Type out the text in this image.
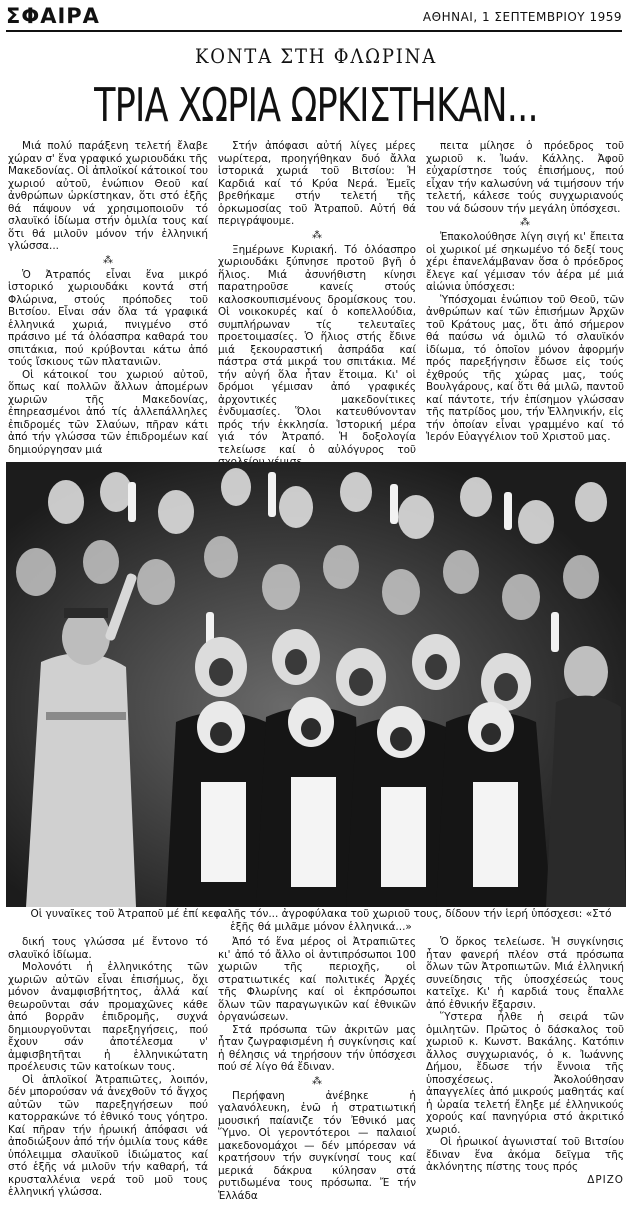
ΣΦΑΙΡΑ	ΑΘΗΝΑΙ, 1 ΣΕΠΤΕΜΒΡΙΟΥ 1959
ΚΟΝΤΑ ΣΤΗ ΦΛΩΡΙΝΑ
ΤΡΙΑ ΧΩΡΙΑ ΩΡΚΙΣΤΗΚΑΝ...

Μιά πολύ παράξενη τελετή ἔλαβε χώραν σ' ἕνα γραφικό χωριουδάκι τῆς Μακεδονίας. Οἱ ἀπλοϊκοί κάτοικοί του χωριού αὐτοῦ, ἐνώπιον Θεοῦ καί ἀνθρώπων ὡρκίστηκαν, ὅτι στό ἑξῆς θά πάψουν νά χρησιμοποιοῦν τό σλαυϊκό ἰδίωμα στήν ὁμιλία τους καί ὅτι θά μιλοῦν μόνον τήν ἑλληνική γλώσσα...

⁂

Ὁ Ἀτραπός εἶναι ἕνα μικρό ἱστορικό χωριουδάκι κοντά στή Φλώρινα, στούς πρόποδες τοῦ Βιτσίου. Εἶναι σάν ὅλα τά γραφικά ἑλληνικά χωριά, πνιγμένο στό πράσινο μέ τά ὁλόασπρα καθαρά του σπιτάκια, πού κρύβονται κάτω ἀπό τούς ἴσκιους τῶν πλατανιῶν.

Οἱ κάτοικοί του χωριού αὐτοῦ, ὅπως καί πολλῶν ἄλλων ἀπομέρων χωριῶν τῆς Μακεδονίας, ἐπηρεασμένοι ἀπό τίς ἀλλεπάλληλες ἐπιδρομές τῶν Σλαύων, πῆραν κάτι ἀπό τήν γλώσσα τῶν ἐπιδρομέων καί δημιούργησαν μιά

Στήν ἀπόφασι αὐτή λίγες μέρες νωρίτερα, προηγήθηκαν δυό ἄλλα ἱστορικά χωριά τοῦ Βιτσίου: Ἡ Καρδιά καί τό Κρύα Νερά. Ἐμεῖς βρεθήκαμε στήν τελετή τῆς ὁρκωμοσίας τοῦ Ἀτραποῦ. Αὐτή θά περιγράψουμε.

⁂

Ξημέρωνε Κυριακή. Τό ὁλόασπρο χωριουδάκι ξύπνησε προτοῦ βγῆ ὁ ἥλιος. Μιά ἀσυνήθιστη κίνησι παρατηροῦσε κανείς στούς καλοσκουπισμένους δρομίσκους του. Οἱ νοικοκυρές καί ὁ κοπελλούδια, συμπλήρωναν τίς τελευταῖες προετοιμασίες. Ὁ ἥλιος στής ἔδινε μιά ξεκουραστική ἀσπράδα καί πάστρα στά μικρά του σπιτάκια. Μέ τήν αὐγή ὅλα ἦταν ἕτοιμα. Κι' οἱ δρόμοι γέμισαν ἀπό γραφικές ἀρχοντικές μακεδονίτικες ἐνδυμασίες. Ὅλοι κατευθύνονταν πρός τήν ἐκκλησία. Ἱστορική μέρα γιά τόν Ἀτραπό. Ἡ δοξολογία τελείωσε καί ὁ αὐλόγυρος τοῦ

πειτα μίλησε ὁ πρόεδρος τοῦ χωριοῦ κ. Ἰωάν. Κάλλης. Ἀφοῦ εὐχαρίστησε τούς ἐπισήμους, πού εἶχαν τήν καλωσύνη νά τιμήσουν τήν τελετή, κάλεσε τούς συγχωριανούς του νά δώσουν τήν μεγάλη ὑπόσχεσι.

⁂

Ἐπακολούθησε λίγη σιγή κι' ἔπειτα οἱ χωρικοί μέ σηκωμένο τό δεξί τους χέρι ἐπανελάμβαναν ὅσα ὁ πρόεδρος ἔλεγε καί γέμισαν τόν ἀέρα μέ μιά αἰώνια ὑπόσχεσι:

Ὑπόσχομαι ἐνώπιον τοῦ Θεοῦ, τῶν ἀνθρώπων καί τῶν ἐπισήμων Ἀρχῶν τοῦ Κράτους μας, ὅτι ἀπό σήμερον θά παύσω νά ὁμιλῶ τό σλαυϊκόν ἰδίωμα, τό ὁποῖον μόνον ἀφορμήν πρός παρεξήγησιν ἔδωσε εἰς τούς ἐχθρούς τῆς χώρας μας, τούς Βουλγάρους, καί ὅτι θά μιλῶ, παντοῦ καί πάντοτε, τήν ἐπίσημον γλώσσαν τῆς πατρίδος μου, τήν Ἑλληνικήν, εἰς τήν ὁποίαν εἶναι γραμμένο καί τό Ἱερόν Εὐαγγέλιον τοῦ Χριστοῦ μας.

Οἱ γυναῖκες τοῦ Ἀτραποῦ μέ ἐπί κεφαλῆς τόν... ἀγροφύλακα τοῦ χωριοῦ τους, δίδουν τήν ἱερή ὑπόσχεσι: «Στό ἑξῆς θά μιλᾶμε μόνον ἑλληνικά...»

δική τους γλώσσα μέ ἔντονο τό σλαυϊκό ἰδίωμα.

Μολονότι ἡ ἑλληνικότης τῶν χωριῶν αὐτῶν εἶναι ἐπισήμως, ὄχι μόνον ἀναμφισβήτητος, ἀλλά καί θεωροῦνται σάν προμαχῶνες κάθε ἀπό βορρᾶν ἐπιδρομῆς, συχνά δημιουργοῦνται παρεξηγήσεις, πού ἔχουν σάν ἀποτέλεσμα ν' ἀμφισβητῆται ἡ ἑλληνικώτατη προέλευσις τῶν κατοίκων τους.

Οἱ ἁπλοϊκοί Ἀτραπιῶτες, λοιπόν, δέν μπορούσαν νά ἀνεχθοῦν τό ἄγχος αὐτῶν τῶν παρεξηγήσεων πού κατορρακώνε τό ἐθνικό τους γόητρο. Καί πῆραν τήν ἡρωική ἀπόφασι νά ἀποδιώξουν ἀπό τήν ὁμιλία τους κάθε ὑπόλειμμα σλαυϊκοῦ ἰδιώματος καί στό ἑξῆς νά μιλοῦν τήν καθαρή, τά κρυσταλλένια νερά τοῦ μοῦ τους ἑλληνική γλώσσα.

Ἀπό τό ἕνα μέρος οἱ Ἀτραπιῶτες κι' ἀπό τό ἄλλο οἱ ἀντιπρόσωποι 100 χωριῶν τῆς περιοχῆς, οἱ στρατιωτικές καί πολιτικές Ἀρχές τῆς Φλωρίνης καί οἱ ἐκπρόσωποι ὅλων τῶν παραγωγικῶν καί ἐθνικῶν ὀργανώσεων.

Στά πρόσωπα τῶν ἀκριτῶν μας ἦταν ζωγραφισμένη ἡ συγκίνησις καί ἡ θέλησις νά τηρήσουν τήν ὑπόσχεσι πού σέ λίγο θά ἔδιναν.

⁂

Περήφανη ἀνέβηκε ἡ γαλανόλευκη, ἐνῶ ἡ στρατιωτική μουσική παίανιζε τόν Ἐθνικό μας Ὕμνο. Οἱ γεροντότεροι — παλαιοί μακεδονομάχοι — δέν μπόρεσαν νά κρατήσουν τήν συγκίνησί τους καί μερικά δάκρυα κύλησαν στά ρυτιδωμένα τους πρόσωπα. Ἔ τήν Ἑλλάδα

Ὁ ὅρκος τελείωσε. Ἡ συγκίνησις ἦταν φανερή πλέον στά πρόσωπα ὅλων τῶν Ἀτροπιωτῶν. Μιά ἐλληνική συνείδησις τῆς ὑποσχέσεώς τους κατεῖχε. Κι' ἡ καρδιά τους ἔπαλλε ἀπό ἐθνικήν ἔξαρσιν.

Ὕστερα ἦλθε ἡ σειρά τῶν ὁμιλητῶν. Πρῶτος ὁ δάσκαλος τοῦ χωριοῦ κ. Κωνστ. Βακάλης. Κατόπιν ἄλλος συγχωριανός, ὁ κ. Ἰωάννης Δήμου, ἔδωσε τήν ἔννοια τῆς ὑποσχέσεως. Ἀκολούθησαν ἀπαγγελίες ἀπό μικρούς μαθητάς καί ἡ ὡραία τελετή ἔληξε μέ ἑλληνικούς χορούς καί πανηγύρια στό ἀκριτικό χωριό.

Οἱ ἡρωικοί ἀγωνισταί τοῦ Βιτσίου ἔδιναν ἕνα ἀκόμα δεῖγμα τῆς ἀκλόνητης πίστης τους πρός

ΔΡΙΖΟ
